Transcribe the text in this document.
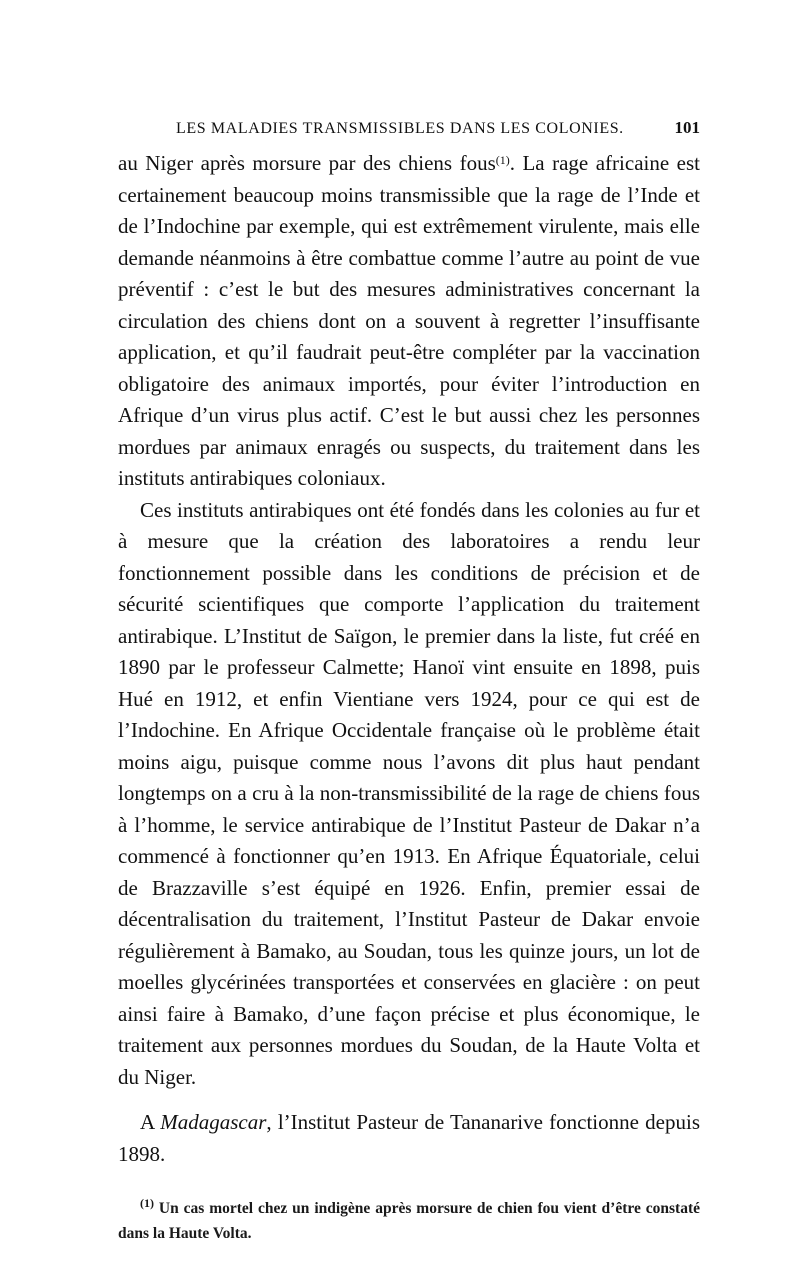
LES MALADIES TRANSMISSIBLES DANS LES COLONIES.	101

au Niger après morsure par des chiens fous$^{(1)}$. La rage africaine est certainement beaucoup moins transmissible que la rage de l’Inde et de l’Indochine par exemple, qui est extrêmement virulente, mais elle demande néanmoins à être combattue comme l’autre au point de vue préventif : c’est le but des mesures administratives concernant la circulation des chiens dont on a souvent à regretter l’insuffisante application, et qu’il faudrait peut-être compléter par la vaccination obligatoire des animaux importés, pour éviter l’introduction en Afrique d’un virus plus actif. C’est le but aussi chez les personnes mordues par animaux enragés ou suspects, du traitement dans les instituts antirabiques coloniaux.

Ces instituts antirabiques ont été fondés dans les colonies au fur et à mesure que la création des laboratoires a rendu leur fonctionnement possible dans les conditions de précision et de sécurité scientifiques que comporte l’application du traitement antirabique. L’Institut de Saïgon, le premier dans la liste, fut créé en 1890 par le professeur Calmette; Hanoï vint ensuite en 1898, puis Hué en 1912, et enfin Vientiane vers 1924, pour ce qui est de l’Indochine. En Afrique Occidentale française où le problème était moins aigu, puisque comme nous l’avons dit plus haut pendant longtemps on a cru à la non-transmissibilité de la rage de chiens fous à l’homme, le service antirabique de l’Institut Pasteur de Dakar n’a commencé à fonctionner qu’en 1913. En Afrique Équatoriale, celui de Brazzaville s’est équipé en 1926. Enfin, premier essai de décentralisation du traitement, l’Institut Pasteur de Dakar envoie régulièrement à Bamako, au Soudan, tous les quinze jours, un lot de moelles glycérinées transportées et conservées en glacière : on peut ainsi faire à Bamako, d’une façon précise et plus économique, le traitement aux personnes mordues du Soudan, de la Haute Volta et du Niger.

A Madagascar, l’Institut Pasteur de Tananarive fonctionne depuis 1898.

$^{(1)}$ Un cas mortel chez un indigène après morsure de chien fou vient d’être constaté dans la Haute Volta.
